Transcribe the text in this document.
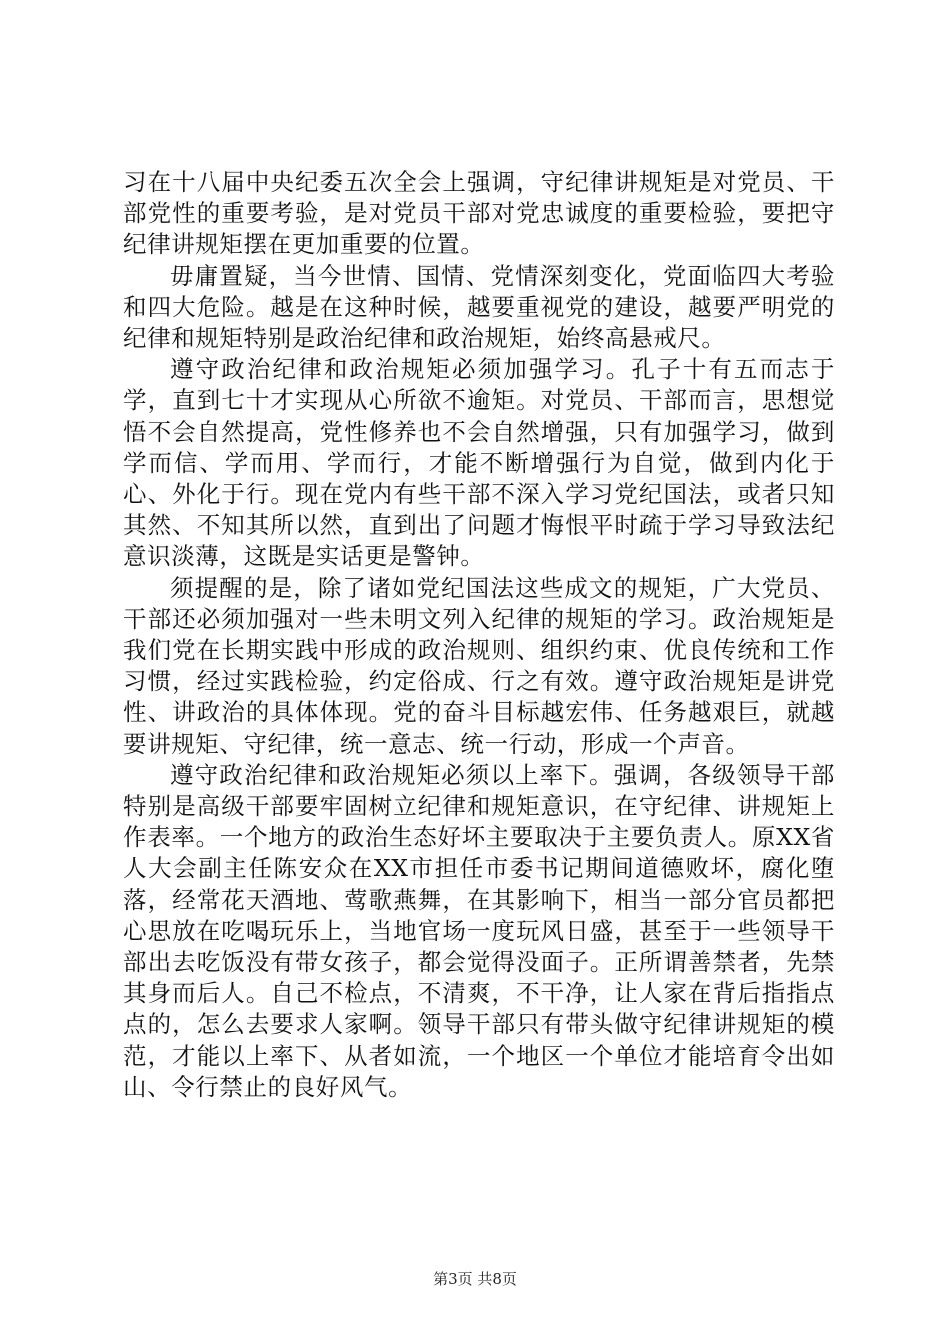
习在十八届中央纪委五次全会上强调，守纪律讲规矩是对党员、干部党性的重要考验，是对党员干部对党忠诚度的重要检验，要把守纪律讲规矩摆在更加重要的位置。

毋庸置疑，当今世情、国情、党情深刻变化，党面临四大考验和四大危险。越是在这种时候，越要重视党的建设，越要严明党的纪律和规矩特别是政治纪律和政治规矩，始终高悬戒尺。

遵守政治纪律和政治规矩必须加强学习。孔子十有五而志于学，直到七十才实现从心所欲不逾矩。对党员、干部而言，思想觉悟不会自然提高，党性修养也不会自然增强，只有加强学习，做到学而信、学而用、学而行，才能不断增强行为自觉，做到内化于心、外化于行。现在党内有些干部不深入学习党纪国法，或者只知其然、不知其所以然，直到出了问题才悔恨平时疏于学习导致法纪意识淡薄，这既是实话更是警钟。

须提醒的是，除了诸如党纪国法这些成文的规矩，广大党员、干部还必须加强对一些未明文列入纪律的规矩的学习。政治规矩是我们党在长期实践中形成的政治规则、组织约束、优良传统和工作习惯，经过实践检验，约定俗成、行之有效。遵守政治规矩是讲党性、讲政治的具体体现。党的奋斗目标越宏伟、任务越艰巨，就越要讲规矩、守纪律，统一意志、统一行动，形成一个声音。

遵守政治纪律和政治规矩必须以上率下。强调，各级领导干部特别是高级干部要牢固树立纪律和规矩意识，在守纪律、讲规矩上作表率。一个地方的政治生态好坏主要取决于主要负责人。原XX省人大会副主任陈安众在XX市担任市委书记期间道德败坏，腐化堕落，经常花天酒地、莺歌燕舞，在其影响下，相当一部分官员都把心思放在吃喝玩乐上，当地官场一度玩风日盛，甚至于一些领导干部出去吃饭没有带女孩子，都会觉得没面子。正所谓善禁者，先禁其身而后人。自己不检点，不清爽，不干净，让人家在背后指指点点的，怎么去要求人家啊。领导干部只有带头做守纪律讲规矩的模范，才能以上率下、从者如流，一个地区一个单位才能培育令出如山、令行禁止的良好风气。

第3页 共8页
